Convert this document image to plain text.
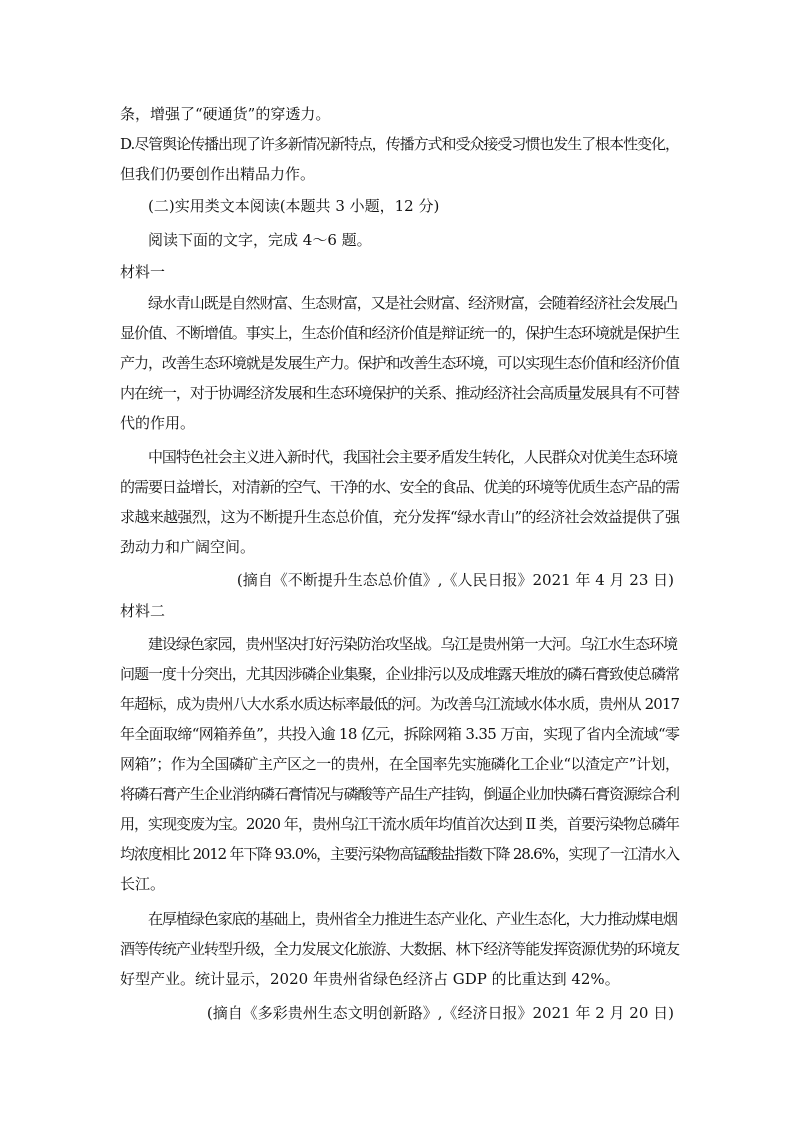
条，增强了“硬通货”的穿透力。
D.尽管舆论传播出现了许多新情况新特点，传播方式和受众接受习惯也发生了根本性变化，
但我们仍要创作出精品力作。
(二)实用类文本阅读(本题共 3 小题，12 分)
阅读下面的文字，完成 4～6 题。
材料一
绿水青山既是自然财富、生态财富，又是社会财富、经济财富，会随着经济社会发展凸
显价值、不断增值。事实上，生态价值和经济价值是辩证统一的，保护生态环境就是保护生
产力，改善生态环境就是发展生产力。保护和改善生态环境，可以实现生态价值和经济价值
内在统一，对于协调经济发展和生态环境保护的关系、推动经济社会高质量发展具有不可替
代的作用。
中国特色社会主义进入新时代，我国社会主要矛盾发生转化，人民群众对优美生态环境
的需要日益增长，对清新的空气、干净的水、安全的食品、优美的环境等优质生态产品的需
求越来越强烈，这为不断提升生态总价值，充分发挥“绿水青山”的经济社会效益提供了强
劲动力和广阔空间。
(摘自《不断提升生态总价值》,《人民日报》2021 年 4 月 23 日)
材料二
建设绿色家园，贵州坚决打好污染防治攻坚战。乌江是贵州第一大河。乌江水生态环境
问题一度十分突出，尤其因涉磷企业集聚，企业排污以及成堆露天堆放的磷石膏致使总磷常
年超标，成为贵州八大水系水质达标率最低的河。为改善乌江流域水体水质，贵州从 2017
年全面取缔“网箱养鱼”，共投入逾 18 亿元，拆除网箱 3.35 万亩，实现了省内全流域“零
网箱”；作为全国磷矿主产区之一的贵州，在全国率先实施磷化工企业“以渣定产”计划，
将磷石膏产生企业消纳磷石膏情况与磷酸等产品生产挂钩，倒逼企业加快磷石膏资源综合利
用，实现变废为宝。2020 年，贵州乌江干流水质年均值首次达到 II 类，首要污染物总磷年
均浓度相比 2012 年下降 93.0%，主要污染物高锰酸盐指数下降 28.6%，实现了一江清水入
长江。
在厚植绿色家底的基础上，贵州省全力推进生态产业化、产业生态化，大力推动煤电烟
酒等传统产业转型升级，全力发展文化旅游、大数据、林下经济等能发挥资源优势的环境友
好型产业。统计显示，2020 年贵州省绿色经济占 GDP 的比重达到 42%。
(摘自《多彩贵州生态文明创新路》,《经济日报》2021 年 2 月 20 日)
